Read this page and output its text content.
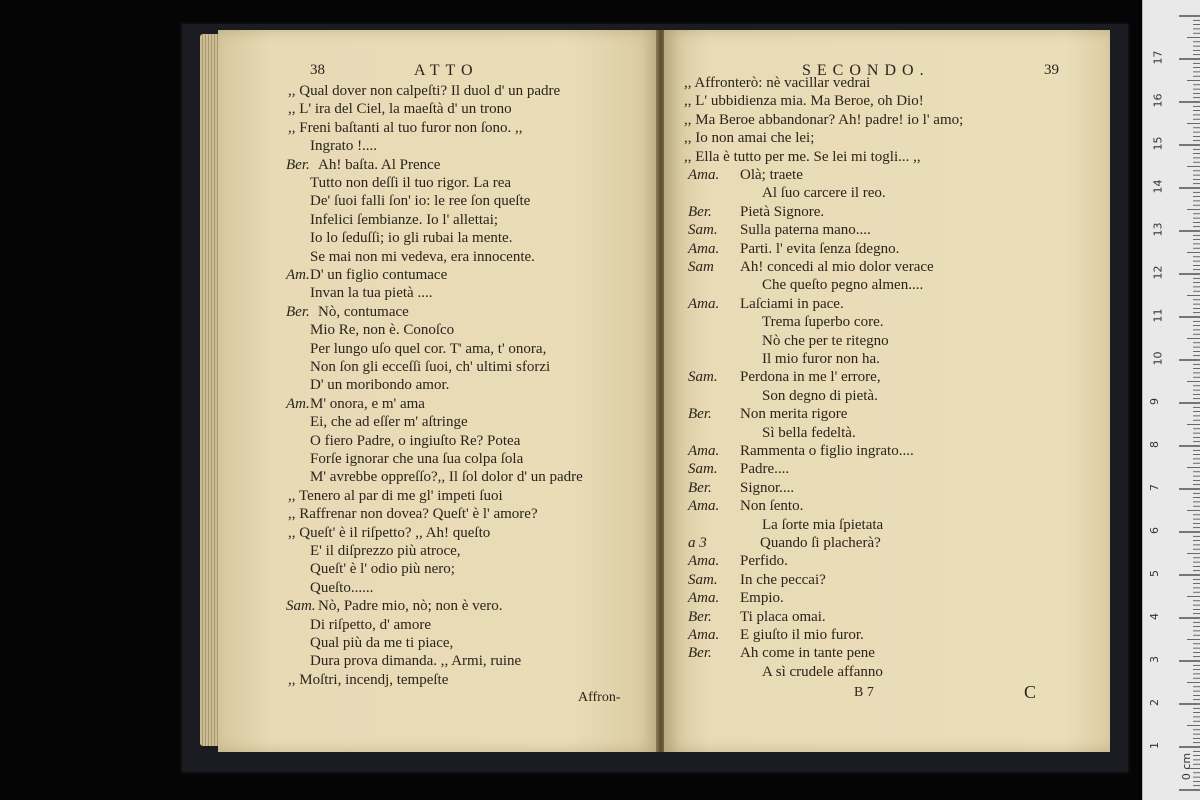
38	ATTO
,, Qual dover non calpeſti? Il duol d' un padre
,, L' ira del Ciel, la maeſtà d' un trono
,, Freni baſtanti al tuo furor non ſono. ,,
Ingrato !....
Ber. Ah! baſta. Al Prence
Tutto non deſſi il tuo rigor. La rea
De' ſuoi falli ſon' io: le ree ſon queſte
Infelici ſembianze. Io l' allettai;
Io lo ſeduſſi; io gli rubai la mente.
Se mai non mi vedeva, era innocente.
Am. D' un figlio contumace
Invan la tua pietà ....
Ber. Nò, contumace
Mio Re, non è. Conoſco
Per lungo uſo quel cor. T' ama, t' onora,
Non ſon gli ecceſſi ſuoi, ch' ultimi sforzi
D' un moribondo amor.
Am. M' onora, e m' ama
Ei, che ad eſſer m' aſtringe
O fiero Padre, o ingiuſto Re? Potea
Forſe ignorar che una ſua colpa ſola
M' avrebbe oppreſſo?,, Il ſol dolor d' un padre
,, Tenero al par di me gl' impeti ſuoi
,, Raffrenar non dovea? Queſt' è l' amore?
,, Queſt' è il riſpetto? ,, Ah! queſto
E' il diſprezzo più atroce,
Queſt' è l' odio più nero;
Queſto......
Sam. Nò, Padre mio, nò; non è vero.
Di riſpetto, d' amore
Qual più da me ti piace,
Dura prova dimanda. ,, Armi, ruine
,, Moſtri, incendj, tempeſte
Affron-
SECONDO.	39
,, Affronterò: nè vacillar vedrai
,, L' ubbidienza mia. Ma Beroe, oh Dio!
,, Ma Beroe abbandonar? Ah! padre! io l' amo;
,, Io non amai che lei;
,, Ella è tutto per me. Se lei mi togli... ,,
Ama. Olà; traete
Al ſuo carcere il reo.
Ber. Pietà Signore.
Sam. Sulla paterna mano....
Ama. Parti. l' evita ſenza ſdegno.
Sam Ah! concedi al mio dolor verace
Che queſto pegno almen....
Ama. Laſciami in pace.
Trema ſuperbo core.
Nò che per te ritegno
Il mio furor non ha.
Sam. Perdona in me l' errore,
Son degno di pietà.
Ber. Non merita rigore
Sì bella fedeltà.
Ama. Rammenta o figlio ingrato....
Sam. Padre....
Ber. Signor....
Ama. Non ſento.
La ſorte mia ſpietata
a 3	Quando ſi placherà?
Ama. Perfido.
Sam. In che peccai?
Ama. Empio.
Ber. Ti placa omai.
Ama. E giuſto il mio furor.
Ber. Ah come in tante pene
A sì crudele affanno
B 7	C
1
2
3
4
5
6
7
8
9
10
11
12
13
14
15
16
17
0 cm
